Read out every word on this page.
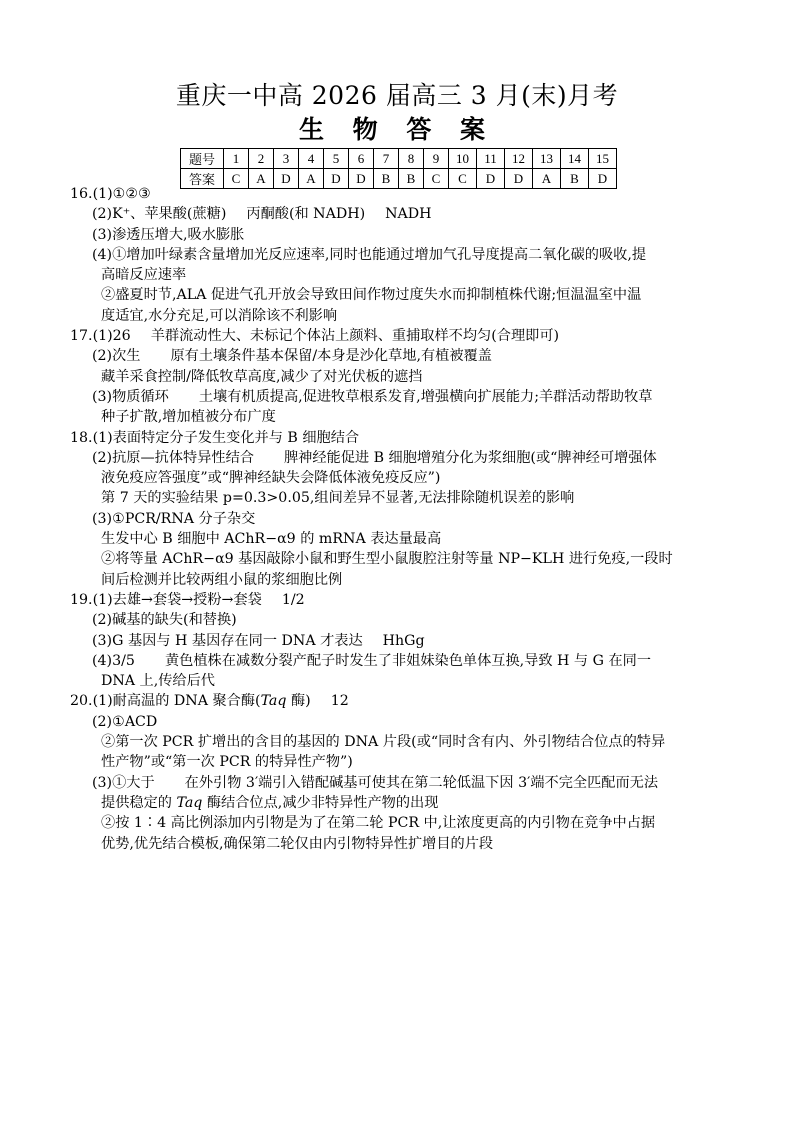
重庆一中高 2026 届高三 3 月(末)月考
生 物 答 案
题号	1	2	3	4	5	6	7	8	9	10	11	12	13	14	15
答案	C	A	D	A	D	D	B	B	C	C	D	D	A	B	D
16.(1)①②③
(2)K⁺、苹果酸(蔗糖) 丙酮酸(和 NADH) NADH
(3)渗透压增大,吸水膨胀
(4)①增加叶绿素含量增加光反应速率,同时也能通过增加气孔导度提高二氧化碳的吸收,提
高暗反应速率
②盛夏时节,ALA 促进气孔开放会导致田间作物过度失水而抑制植株代谢;恒温温室中温
度适宜,水分充足,可以消除该不利影响
17.(1)26 羊群流动性大、未标记个体沾上颜料、重捕取样不均匀(合理即可)
(2)次生 原有土壤条件基本保留/本身是沙化草地,有植被覆盖
藏羊采食控制/降低牧草高度,减少了对光伏板的遮挡
(3)物质循环 土壤有机质提高,促进牧草根系发育,增强横向扩展能力;羊群活动帮助牧草
种子扩散,增加植被分布广度
18.(1)表面特定分子发生变化并与 B 细胞结合
(2)抗原—抗体特异性结合 脾神经能促进 B 细胞增殖分化为浆细胞(或“脾神经可增强体
液免疫应答强度”或“脾神经缺失会降低体液免疫反应”)
第 7 天的实验结果 p=0.3>0.05,组间差异不显著,无法排除随机误差的影响
(3)①PCR/RNA 分子杂交
生发中心 B 细胞中 AChR−α9 的 mRNA 表达量最高
②将等量 AChR−α9 基因敲除小鼠和野生型小鼠腹腔注射等量 NP−KLH 进行免疫,一段时
间后检测并比较两组小鼠的浆细胞比例
19.(1)去雄→套袋→授粉→套袋 1/2
(2)碱基的缺失(和替换)
(3)G 基因与 H 基因存在同一 DNA 才表达 HhGg
(4)3/5 黄色植株在减数分裂产配子时发生了非姐妹染色单体互换,导致 H 与 G 在同一
DNA 上,传给后代
20.(1)耐高温的 DNA 聚合酶(Taq 酶) 12
(2)①ACD
②第一次 PCR 扩增出的含目的基因的 DNA 片段(或“同时含有内、外引物结合位点的特异
性产物”或“第一次 PCR 的特异性产物”)
(3)①大于 在外引物 3′端引入错配碱基可使其在第二轮低温下因 3′端不完全匹配而无法
提供稳定的 Taq 酶结合位点,减少非特异性产物的出现
②按 1∶4 高比例添加内引物是为了在第二轮 PCR 中,让浓度更高的内引物在竞争中占据
优势,优先结合模板,确保第二轮仅由内引物特异性扩增目的片段
